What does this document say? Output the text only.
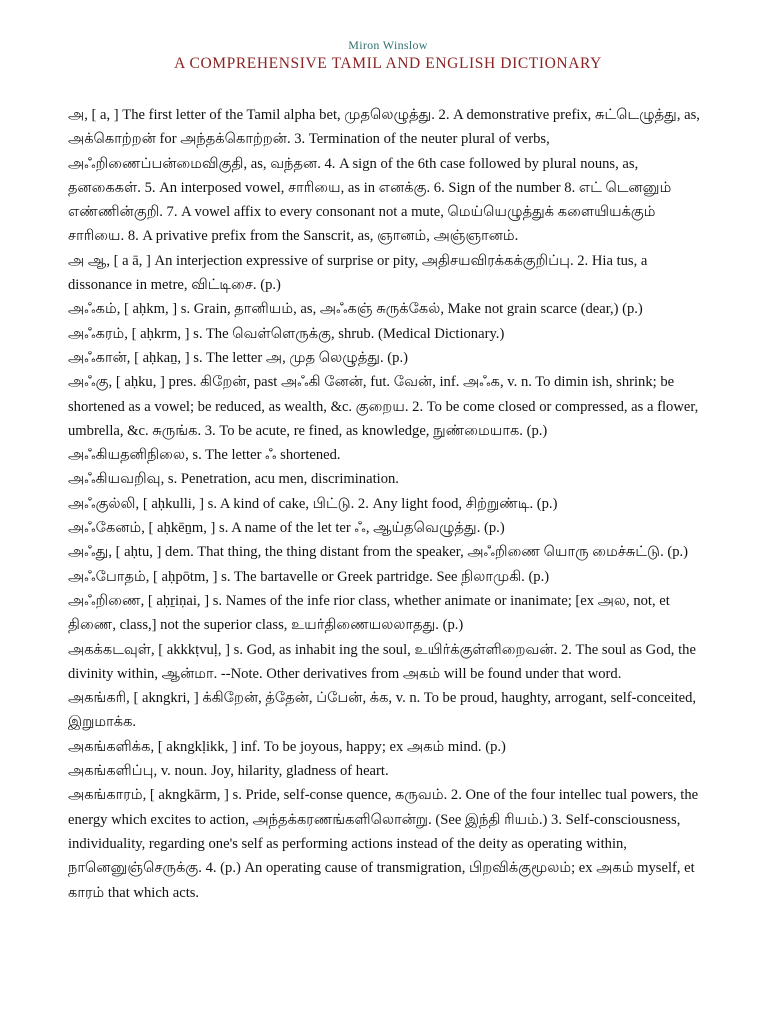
Miron Winslow
A COMPREHENSIVE TAMIL AND ENGLISH DICTIONARY

அ, [ a, ] The first letter of the Tamil alpha bet, முதலெழுத்து. 2. A demonstrative prefix, சுட்டெழுத்து, as, அக்கொற்றன் for அந்தக்கொற்றன். 3. Termination of the neuter plural of verbs, அஃறிணைப்பன்மைவிகுதி, as, வந்தன. 4. A sign of the 6th case followed by plural nouns, as, தனகைகள். 5. An interposed vowel, சாரியை, as in எனக்கு. 6. Sign of the number 8. எட் டெனனும் எண்ணின்குறி. 7. A vowel affix to every consonant not a mute, மெய்யெழுத்துக் களையியக்கும் சாரியை. 8. A privative prefix from the Sanscrit, as, ஞானம், அஞ்ஞானம்.

அ ஆ, [ a ā, ] An interjection expressive of surprise or pity, அதிசயவிரக்கக்குறிப்பு. 2. Hia tus, a dissonance in metre, விட்டிசை. (p.)

அஃகம், [ aḥkm, ] s. Grain, தானியம், as, அஃகஞ் சுருக்கேல், Make not grain scarce (dear,) (p.)

அஃகரம், [ aḥkrm, ] s. The வெள்ளெருக்கு, shrub. (Medical Dictionary.)

அஃகான், [ aḥkaṉ, ] s. The letter அ, முத லெழுத்து. (p.)

அஃகு, [ aḥku, ] pres. கிறேன், past அஃகி னேன், fut. வேன், inf. அஃக, v. n. To dimin ish, shrink; be shortened as a vowel; be reduced, as wealth, &c. குறைய. 2. To be come closed or compressed, as a flower, umbrella, &c. சுருங்க. 3. To be acute, re fined, as knowledge, நுண்மையாக. (p.)

அஃகியதனிநிலை, s. The letter ஃ shortened.

அஃகியவறிவு, s. Penetration, acu men, discrimination.

அஃகுல்லி, [ aḥkulli, ] s. A kind of cake, பிட்டு. 2. Any light food, சிற்றுண்டி. (p.)

அஃகேனம், [ aḥkēṉm, ] s. A name of the let ter ஃ, ஆய்தவெழுத்து. (p.)

அஃது, [ aḥtu, ] dem. That thing, the thing distant from the speaker, அஃறிணை யொரு மைச்சுட்டு. (p.)

அஃபோதம், [ aḥpōtm, ] s. The bartavelle or Greek partridge. See நிலாமுகி. (p.)

அஃறிணை, [ aḥṟiṇai, ] s. Names of the infe rior class, whether animate or inanimate; [ex அல, not, et திணை, class,] not the superior class, உயர்திணையலலாதது. (p.)

அகக்கடவுள், [ akkkṭvuḷ, ] s. God, as inhabit ing the soul, உயிர்க்குள்ளிறைவன். 2. The soul as God, the divinity within, ஆன்மா. --Note. Other derivatives from அகம் will be found under that word.

அகங்கரி, [ akngkri, ] க்கிறேன், த்தேன், ப்பேன், க்க, v. n. To be proud, haughty, arrogant, self-conceited, இறுமாக்க.

அகங்களிக்க, [ akngkḷikk, ] inf. To be joyous, happy; ex அகம் mind. (p.)

அகங்களிப்பு, v. noun. Joy, hilarity, gladness of heart.

அகங்காரம், [ akngkārm, ] s. Pride, self-conse quence, கருவம். 2. One of the four intellec tual powers, the energy which excites to action, அந்தக்கரணங்களிலொன்று. (See இந்தி ரியம்.) 3. Self-consciousness, individuality, regarding one's self as performing actions instead of the deity as operating within, நானெனுஞ்செருக்கு. 4. (p.) An operating cause of transmigration, பிறவிக்குமூலம்; ex அகம் myself, et காரம் that which acts.
